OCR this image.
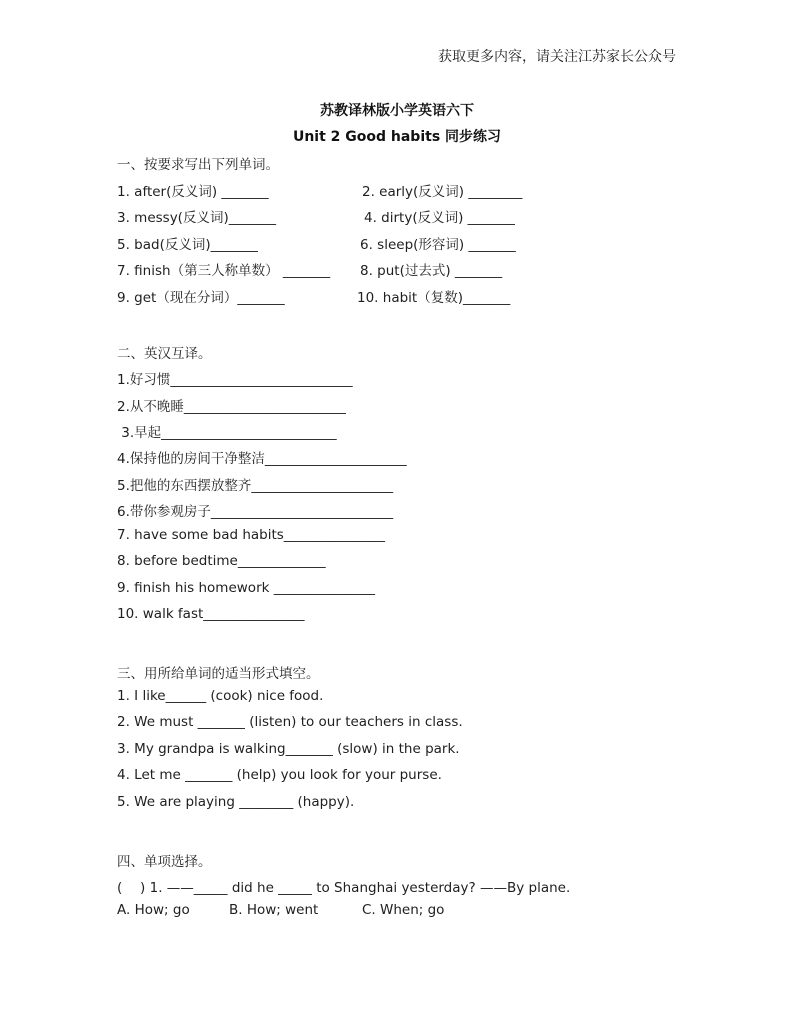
获取更多内容，请关注江苏家长公众号
苏教译林版小学英语六下
Unit 2 Good habits 同步练习
一、按要求写出下列单词。
1. after(反义词) _______	2. early(反义词) ________
3. messy(反义词)_______	4. dirty(反义词) _______
5. bad(反义词)_______	6. sleep(形容词) _______
7. finish（第三人称单数） _______ 8. put(过去式) _______
9. get（现在分词）_______	10. habit（复数)_______
二、英汉互译。
1.好习惯___________________________
2.从不晚睡________________________
3.早起__________________________
4.保持他的房间干净整洁_____________________
5.把他的东西摆放整齐_____________________
6.带你参观房子___________________________
7. have some bad habits_______________
8. before bedtime_____________
9. finish his homework _______________
10. walk fast_______________
三、用所给单词的适当形式填空。
1. I like______ (cook) nice food.
2. We must _______ (listen) to our teachers in class.
3. My grandpa is walking_______ (slow) in the park.
4. Let me _______ (help) you look for your purse.
5. We are playing ________ (happy).
四、单项选择。
(　 ) 1. ——_____ did he _____ to Shanghai yesterday? ——By plane.
A. How; go	B. How; went	C. When; go
